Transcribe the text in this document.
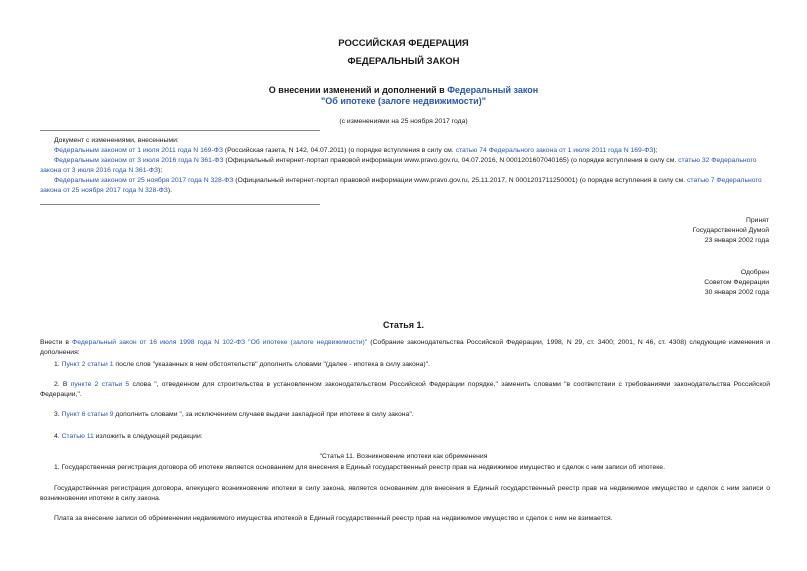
РОССИЙСКАЯ ФЕДЕРАЦИЯ
ФЕДЕРАЛЬНЫЙ ЗАКОН
О внесении изменений и дополнений в Федеральный закон
"Об ипотеке (залоге недвижимости)"
(с изменениями на 25 ноября 2017 года)
Документ с изменениями, внесенными:
Федеральным законом от 1 июля 2011 года N 169-ФЗ (Российская газета, N 142, 04.07.2011) (о порядке вступления в силу см. статью 74 Федерального закона от 1 июля 2011 года N 169-ФЗ);
Федеральным законом от 3 июля 2016 года N 361-ФЗ (Официальный интернет-портал правовой информации www.pravo.gov.ru, 04.07.2016, N 0001201607040165) (о порядке вступления в силу см. статью 32 Федерального закона от 3 июля 2016 года N 361-ФЗ);
Федеральным законом от 25 ноября 2017 года N 328-ФЗ (Официальный интернет-портал правовой информации www.pravo.gov.ru, 25.11.2017, N 0001201711250001) (о порядке вступления в силу см. статью 7 Федерального закона от 25 ноября 2017 года N 328-ФЗ).
Принят
Государственной Думой
23 января 2002 года
Одобрен
Советом Федерации
30 января 2002 года
Статья 1.
Внести в Федеральный закон от 16 июля 1998 года N 102-ФЗ "Об ипотеке (залоге недвижимости)" (Собрание законодательства Российской Федерации, 1998, N 29, ст. 3400; 2001, N 46, ст. 4308) следующие изменения и дополнения:
1. Пункт 2 статьи 1 после слов "указанных в нем обстоятельств" дополнить словами "(далее - ипотека в силу закона)".
2. В пункте 2 статьи 5 слова ", отведенном для строительства в установленном законодательством Российской Федерации порядке," заменить словами "в соответствии с требованиями законодательства Российской Федерации,".
3. Пункт 6 статьи 9 дополнить словами ", за исключением случаев выдачи закладной при ипотеке в силу закона".
4. Статью 11 изложить в следующей редакции:
"Статья 11. Возникновение ипотеки как обременения
1. Государственная регистрация договора об ипотеке является основанием для внесения в Единый государственный реестр прав на недвижимое имущество и сделок с ним записи об ипотеке.
Государственная регистрация договора, влекущего возникновение ипотеки в силу закона, является основанием для внесения в Единый государственный реестр прав на недвижимое имущество и сделок с ним записи о возникновении ипотеки в силу закона.
Плата за внесение записи об обременении недвижимого имущества ипотекой в Единый государственный реестр прав на недвижимое имущество и сделок с ним не взимается.
